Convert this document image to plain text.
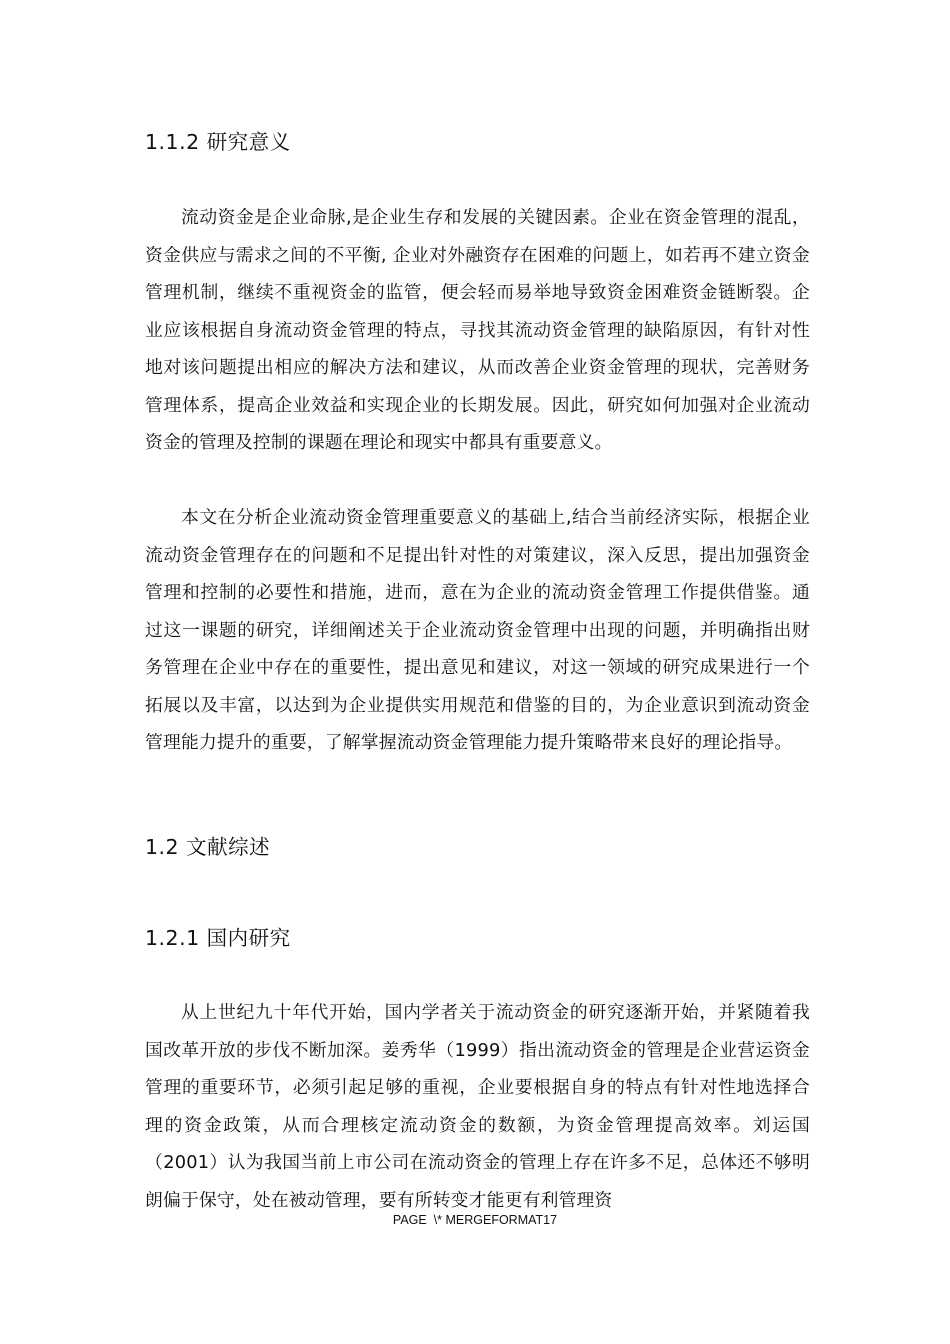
1.1.2 研究意义

流动资金是企业命脉,是企业生存和发展的关键因素。企业在资金管理的混乱，资金供应与需求之间的不平衡, 企业对外融资存在困难的问题上，如若再不建立资金管理机制，继续不重视资金的监管，便会轻而易举地导致资金困难资金链断裂。企业应该根据自身流动资金管理的特点，寻找其流动资金管理的缺陷原因，有针对性地对该问题提出相应的解决方法和建议，从而改善企业资金管理的现状，完善财务管理体系，提高企业效益和实现企业的长期发展。因此，研究如何加强对企业流动资金的管理及控制的课题在理论和现实中都具有重要意义。

本文在分析企业流动资金管理重要意义的基础上,结合当前经济实际，根据企业流动资金管理存在的问题和不足提出针对性的对策建议，深入反思，提出加强资金管理和控制的必要性和措施，进而，意在为企业的流动资金管理工作提供借鉴。通过这一课题的研究，详细阐述关于企业流动资金管理中出现的问题，并明确指出财务管理在企业中存在的重要性，提出意见和建议，对这一领域的研究成果进行一个拓展以及丰富，以达到为企业提供实用规范和借鉴的目的，为企业意识到流动资金管理能力提升的重要，了解掌握流动资金管理能力提升策略带来良好的理论指导。

1.2 文献综述
1.2.1 国内研究

从上世纪九十年代开始，国内学者关于流动资金的研究逐渐开始，并紧随着我国改革开放的步伐不断加深。姜秀华（1999）指出流动资金的管理是企业营运资金管理的重要环节，必须引起足够的重视，企业要根据自身的特点有针对性地选择合理的资金政策，从而合理核定流动资金的数额，为资金管理提高效率。刘运国（2001）认为我国当前上市公司在流动资金的管理上存在许多不足，总体还不够明朗偏于保守，处在被动管理，要有所转变才能更有利管理资

PAGE  \* MERGEFORMAT17
